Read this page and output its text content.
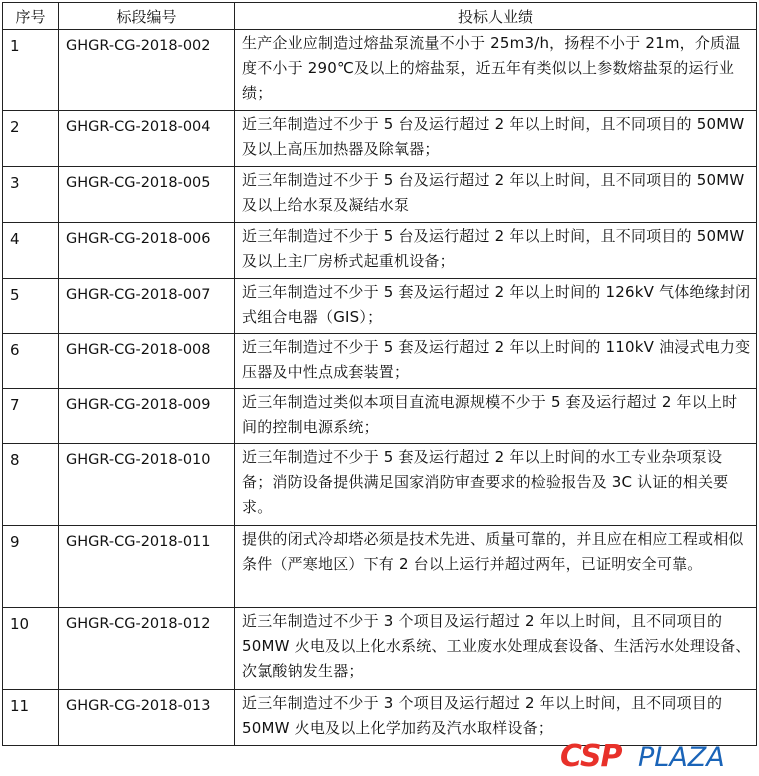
序号	标段编号	投标人业绩
1	GHGR-CG-2018-002	生产企业应制造过熔盐泵流量不小于 25m3/h，扬程不小于 21m，介质温度不小于 290℃及以上的熔盐泵，近五年有类似以上参数熔盐泵的运行业绩；
2	GHGR-CG-2018-004	近三年制造过不少于 5 台及运行超过 2 年以上时间，且不同项目的 50MW 及以上高压加热器及除氧器；
3	GHGR-CG-2018-005	近三年制造过不少于 5 台及运行超过 2 年以上时间，且不同项目的 50MW 及以上给水泵及凝结水泵
4	GHGR-CG-2018-006	近三年制造过不少于 5 台及运行超过 2 年以上时间，且不同项目的 50MW 及以上主厂房桥式起重机设备；
5	GHGR-CG-2018-007	近三年制造过不少于 5 套及运行超过 2 年以上时间的 126kV 气体绝缘封闭式组合电器（GIS）；
6	GHGR-CG-2018-008	近三年制造过不少于 5 套及运行超过 2 年以上时间的 110kV 油浸式电力变压器及中性点成套装置；
7	GHGR-CG-2018-009	近三年制造过类似本项目直流电源规模不少于 5 套及运行超过 2 年以上时间的控制电源系统；
8	GHGR-CG-2018-010	近三年制造过不少于 5 套及运行超过 2 年以上时间的水工专业杂项泵设备；消防设备提供满足国家消防审查要求的检验报告及 3C 认证的相关要求。
9	GHGR-CG-2018-011	提供的闭式冷却塔必须是技术先进、质量可靠的，并且应在相应工程或相似条件（严寒地区）下有 2 台以上运行并超过两年，已证明安全可靠。
10	GHGR-CG-2018-012	近三年制造过不少于 3 个项目及运行超过 2 年以上时间，且不同项目的 50MW 火电及以上化水系统、工业废水处理成套设备、生活污水处理设备、次氯酸钠发生器；
11	GHGR-CG-2018-013	近三年制造过不少于 3 个项目及运行超过 2 年以上时间，且不同项目的 50MW 火电及以上化学加药及汽水取样设备；
CSP PLAZA
